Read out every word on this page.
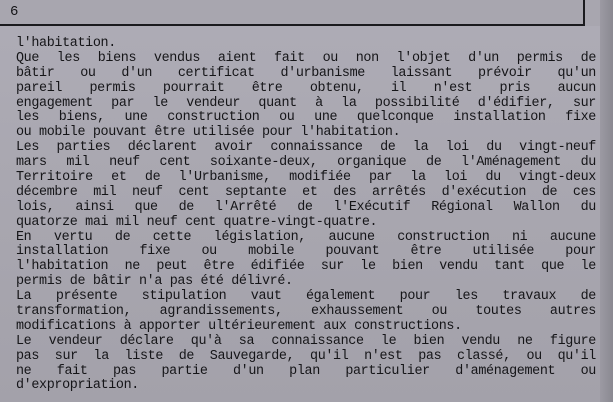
6

l'habitation.
Que les biens vendus aient fait ou non l'objet d'un permis de
bâtir ou d'un certificat d'urbanisme laissant prévoir qu'un
pareil permis pourrait être obtenu, il n'est pris aucun
engagement par le vendeur quant à la possibilité d'édifier, sur
les biens, une construction ou une quelconque installation fixe
ou mobile pouvant être utilisée pour l'habitation.
Les parties déclarent avoir connaissance de la loi du vingt-neuf
mars mil neuf cent soixante-deux, organique de l'Aménagement du
Territoire et de l'Urbanisme, modifiée par la loi du vingt-deux
décembre mil neuf cent septante et des arrêtés d'exécution de ces
lois, ainsi que de l'Arrêté de l'Exécutif Régional Wallon du
quatorze mai mil neuf cent quatre-vingt-quatre.
En vertu de cette législation, aucune construction ni aucune
installation fixe ou mobile pouvant être utilisée pour
l'habitation ne peut être édifiée sur le bien vendu tant que le
permis de bâtir n'a pas été délivré.
La présente stipulation vaut également pour les travaux de
transformation, agrandissements, exhaussement ou toutes autres
modifications à apporter ultérieurement aux constructions.
Le vendeur déclare qu'à sa connaissance le bien vendu ne figure
pas sur la liste de Sauvegarde, qu'il n'est pas classé, ou qu'il
ne fait pas partie d'un plan particulier d'aménagement ou
d'expropriation.
